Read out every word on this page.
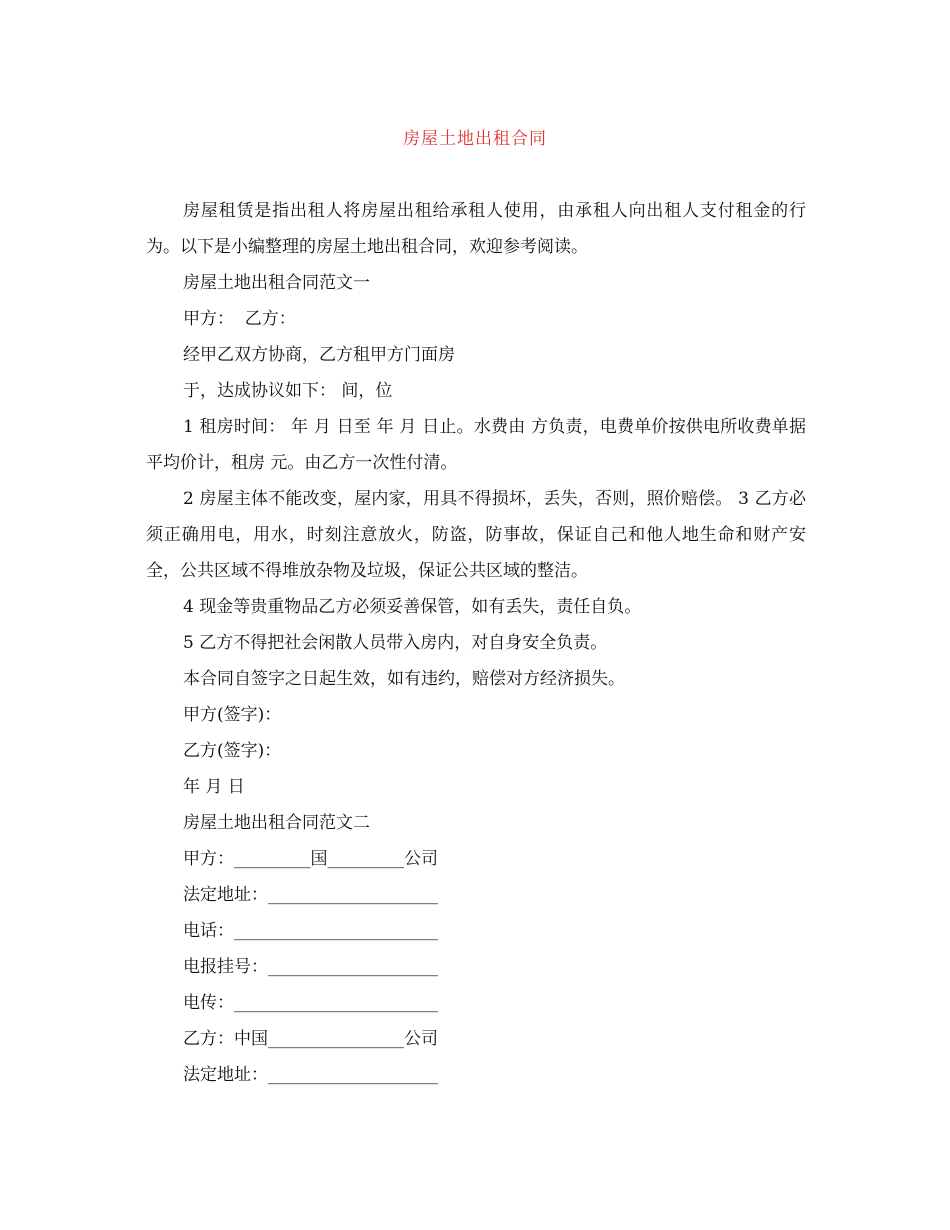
房屋土地出租合同

房屋租赁是指出租人将房屋出租给承租人使用，由承租人向出租人支付租金的行为。以下是小编整理的房屋土地出租合同，欢迎参考阅读。

房屋土地出租合同范文一

甲方：  乙方：

经甲乙双方协商，乙方租甲方门面房

于，达成协议如下： 间，位

1 租房时间： 年 月 日至 年 月 日止。水费由 方负责，电费单价按供电所收费单据平均价计，租房 元。由乙方一次性付清。

2 房屋主体不能改变，屋内家，用具不得损坏，丢失，否则，照价赔偿。 3 乙方必须正确用电，用水，时刻注意放火，防盗，防事故，保证自己和他人地生命和财产安全，公共区域不得堆放杂物及垃圾，保证公共区域的整洁。

4 现金等贵重物品乙方必须妥善保管，如有丢失，责任自负。

5 乙方不得把社会闲散人员带入房内，对自身安全负责。

本合同自签字之日起生效，如有违约，赔偿对方经济损失。

甲方(签字)：

乙方(签字)：

年 月 日

房屋土地出租合同范文二

甲方：_________国_________公司

法定地址：____________________

电话：________________________

电报挂号：____________________

电传：________________________

乙方：中国________________公司

法定地址：____________________
